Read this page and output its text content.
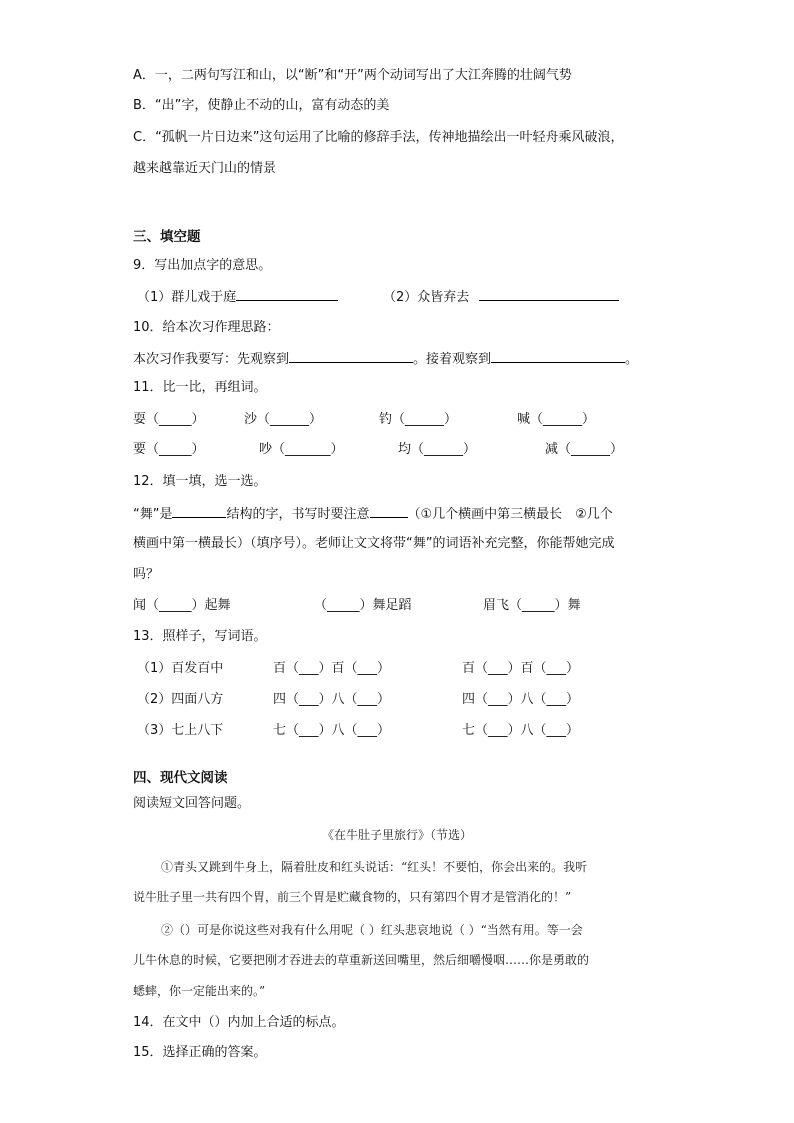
A．一，二两句写江和山，以“断”和“开”两个动词写出了大江奔腾的壮阔气势
B．“出”字，使静止不动的山，富有动态的美
C．“孤帆一片日边来”这句运用了比喻的修辞手法，传神地描绘出一叶轻舟乘风破浪，
越来越靠近天门山的情景
三、填空题
9．写出加点字的意思。
（1）群儿戏于庭	（2）众皆弃去
10．给本次习作理思路：
本次习作我要写：先观察到	。接着观察到	。
11．比一比，再组词。
耍（_____）	沙（______）	钓（______）	喊（______）
要（_____）	吵（_______）	均（______）	减（______）
12．填一填，选一选。
“舞”是	结构的字，书写时要注意	（①几个横画中第三横最长　②几个
横画中第一横最长）（填序号）。老师让文文将带“舞”的词语补充完整，你能帮她完成
吗？
闻（_____）起舞	（_____）舞足蹈	眉飞（_____）舞
13．照样子，写词语。
（1）百发百中	百（___）百（___）	百（___）百（___）
（2）四面八方	四（___）八（___）	四（___）八（___）
（3）七上八下	七（___）八（___）	七（___）八（___）
四、现代文阅读
阅读短文回答问题。
《在牛肚子里旅行》（节选）
①青头又跳到牛身上，隔着肚皮和红头说话：“红头！不要怕，你会出来的。我听
说牛肚子里一共有四个胃，前三个胃是贮藏食物的，只有第四个胃才是管消化的！”
②（）可是你说这些对我有什么用呢（ ）红头悲哀地说（ ）“当然有用。等一会
儿牛休息的时候，它要把刚才吞进去的草重新送回嘴里，然后细嚼慢咽……你是勇敢的
蟋蟀，你一定能出来的。”
14．在文中（）内加上合适的标点。
15．选择正确的答案。
